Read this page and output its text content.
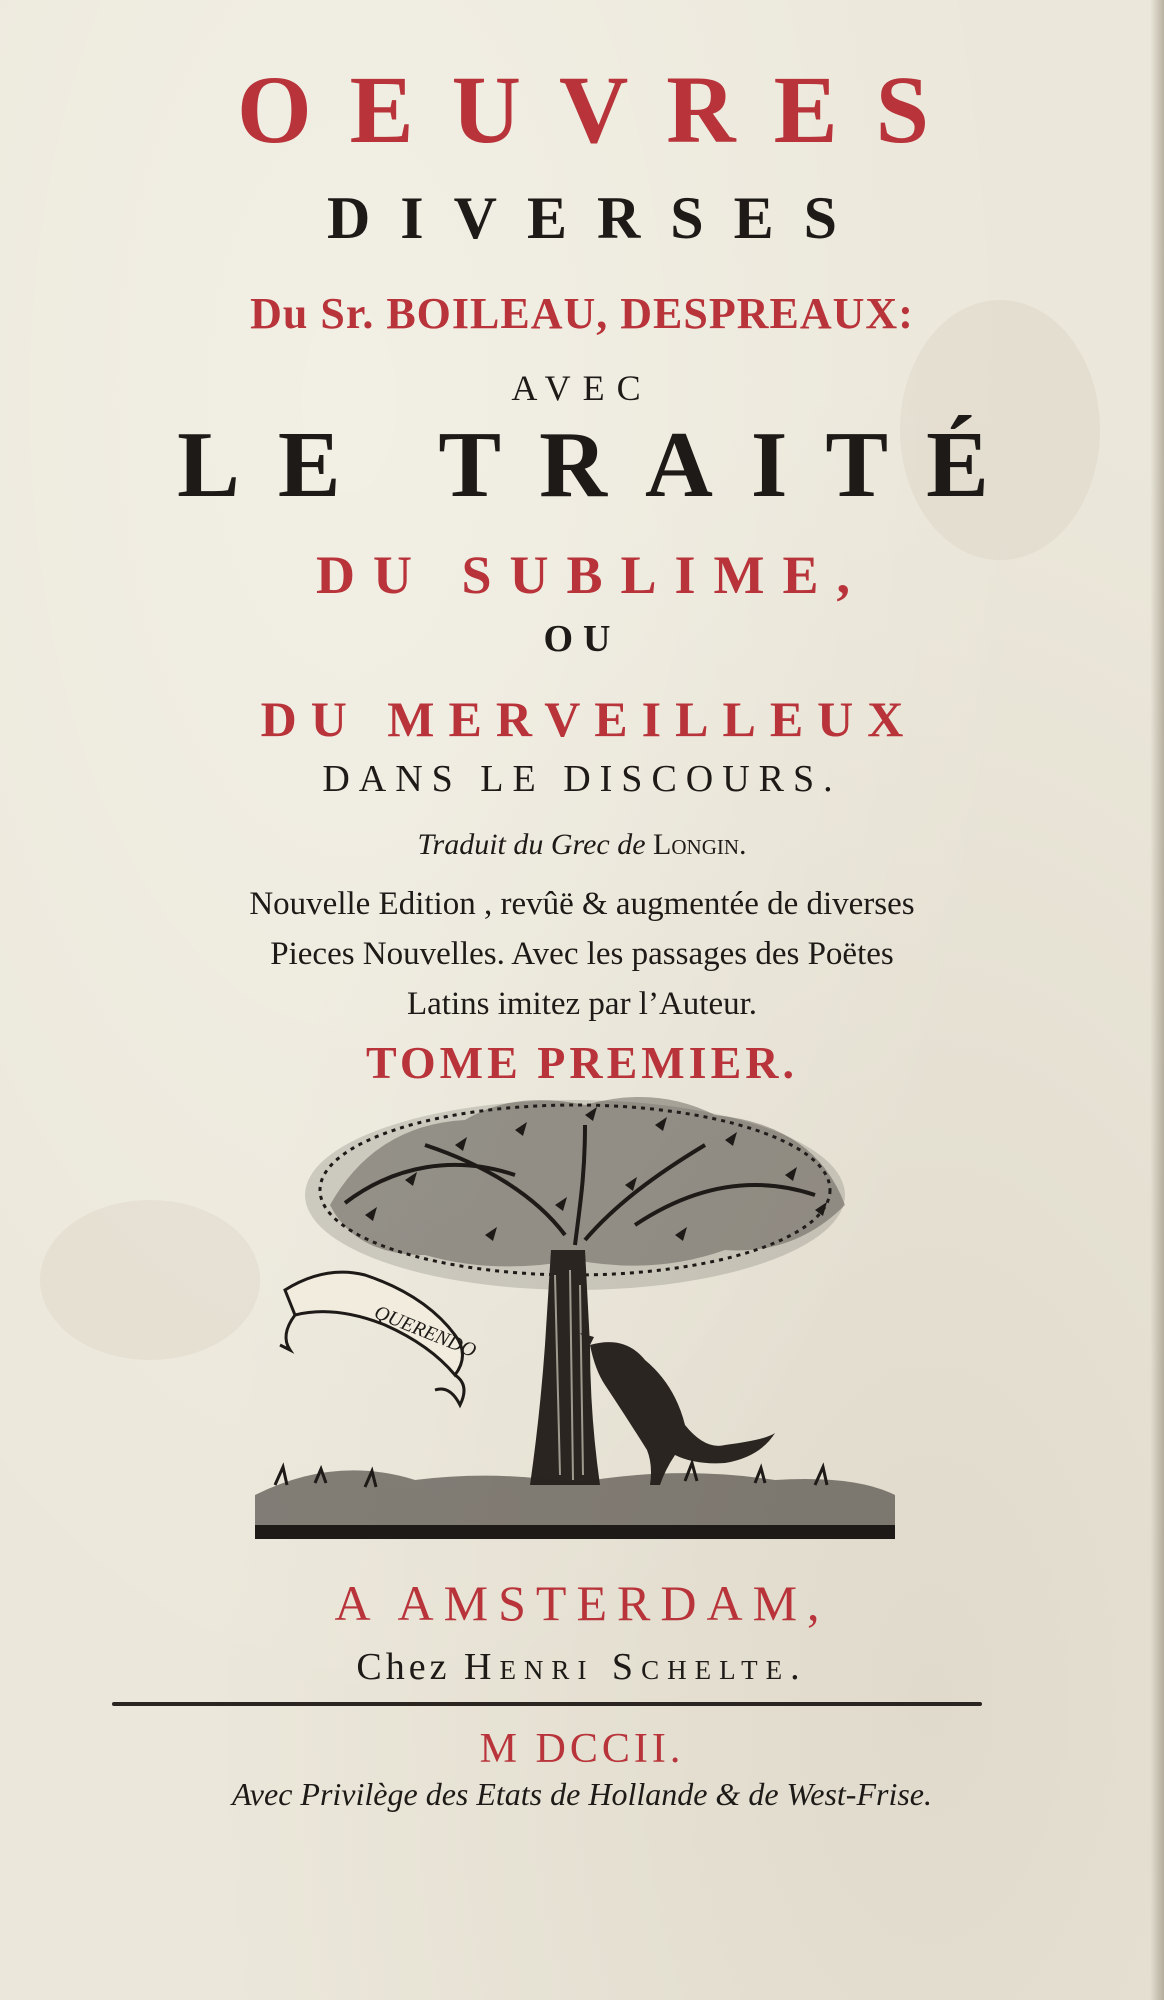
OEUVRES
DIVERSES
Du Sr. BOILEAU, DESPREAUX:
AVEC
LE TRAITÉ
DU SUBLIME,
OU
DU MERVEILLEUX
DANS LE DISCOURS.
Traduit du Grec de Longin.
Nouvelle Edition , revûë & augmentée de diverses
Pieces Nouvelles. Avec les passages des Poëtes
Latins imitez par l’Auteur.
TOME PREMIER.
QUERENDO
A AMSTERDAM,
Chez Henri Schelte.
M DCCII.
Avec Privilège des Etats de Hollande & de West-Frise.
